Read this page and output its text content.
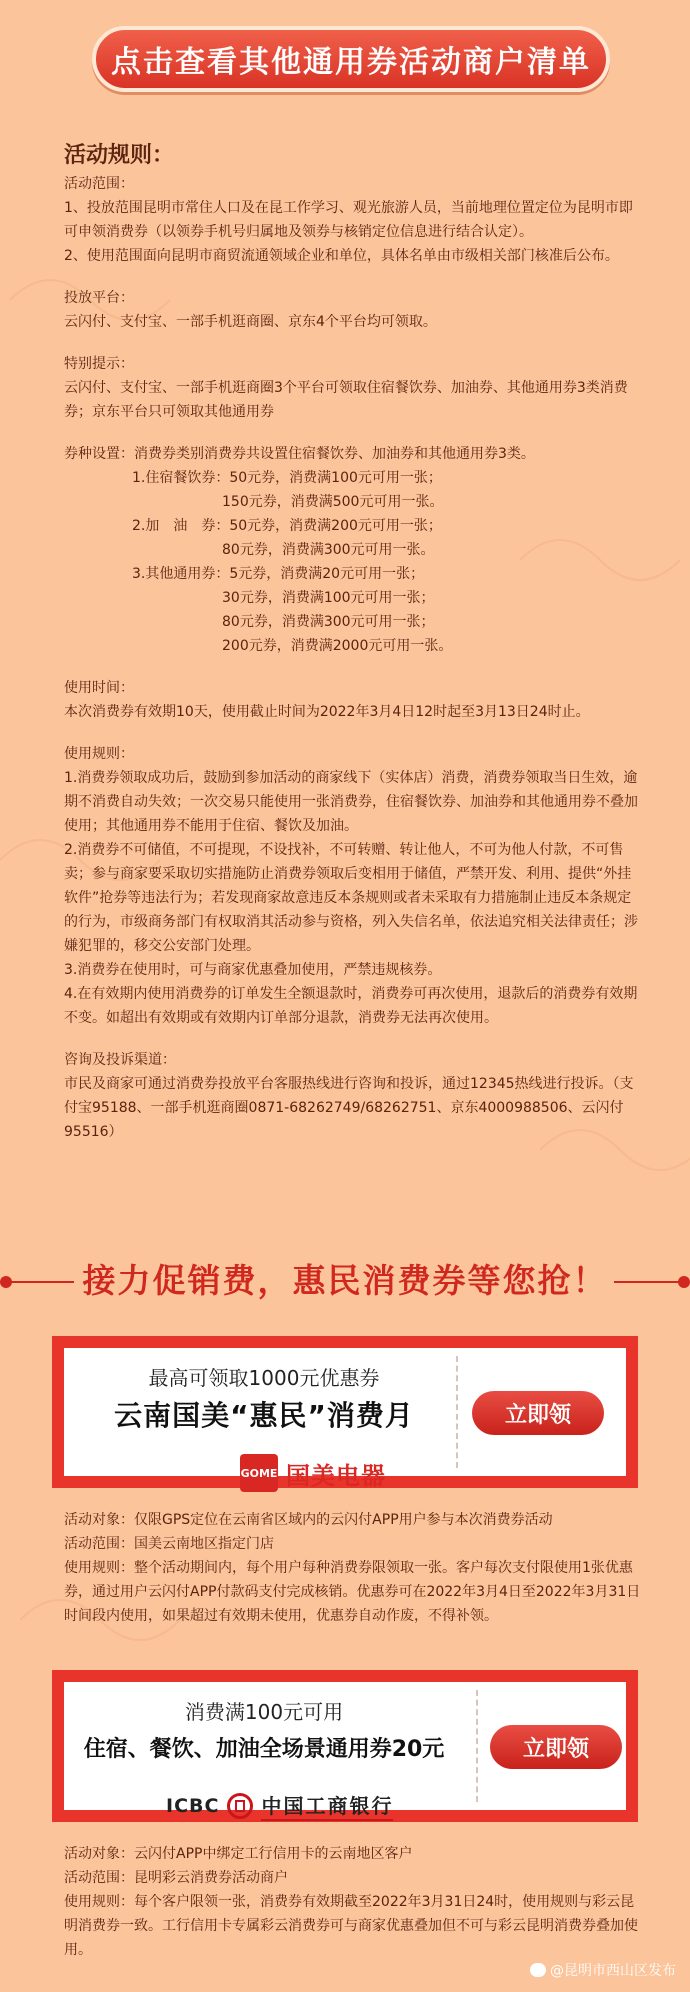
点击查看其他通用券活动商户清单
活动规则：
活动范围：
1、投放范围昆明市常住人口及在昆工作学习、观光旅游人员，当前地理位置定位为昆明市即可申领消费券（以领券手机号归属地及领券与核销定位信息进行结合认定）。
2、使用范围面向昆明市商贸流通领域企业和单位，具体名单由市级相关部门核准后公布。
投放平台：
云闪付、支付宝、一部手机逛商圈、京东4个平台均可领取。
特别提示：
云闪付、支付宝、一部手机逛商圈3个平台可领取住宿餐饮券、加油券、其他通用券3类消费券；京东平台只可领取其他通用券
券种设置：消费券类别消费券共设置住宿餐饮券、加油券和其他通用券3类。
1.住宿餐饮券：50元券，消费满100元可用一张；
150元券，消费满500元可用一张。
2.加　油　券：50元券，消费满200元可用一张；
80元券，消费满300元可用一张。
3.其他通用券：5元券，消费满20元可用一张；
30元券，消费满100元可用一张；
80元券，消费满300元可用一张；
200元券，消费满2000元可用一张。
使用时间：
本次消费券有效期10天，使用截止时间为2022年3月4日12时起至3月13日24时止。
使用规则：
1.消费券领取成功后，鼓励到参加活动的商家线下（实体店）消费，消费券领取当日生效，逾期不消费自动失效；一次交易只能使用一张消费券，住宿餐饮券、加油券和其他通用券不叠加使用；其他通用券不能用于住宿、餐饮及加油。
2.消费券不可储值，不可提现，不设找补，不可转赠、转让他人，不可为他人付款，不可售卖；参与商家要采取切实措施防止消费券领取后变相用于储值，严禁开发、利用、提供“外挂软件”抢券等违法行为；若发现商家故意违反本条规则或者未采取有力措施制止违反本条规定的行为，市级商务部门有权取消其活动参与资格，列入失信名单，依法追究相关法律责任；涉嫌犯罪的，移交公安部门处理。
3.消费券在使用时，可与商家优惠叠加使用，严禁违规核券。
4.在有效期内使用消费券的订单发生全额退款时，消费券可再次使用，退款后的消费券有效期不变。如超出有效期或有效期内订单部分退款，消费券无法再次使用。
咨询及投诉渠道：
市民及商家可通过消费券投放平台客服热线进行咨询和投诉，通过12345热线进行投诉。（支付宝95188、一部手机逛商圈0871-68262749/68262751、京东4000988506、云闪付95516）
接力促销费，惠民消费券等您抢！
最高可领取1000元优惠券
云南国美“惠民”消费月
GOME 国美电器
立即领
活动对象：仅限GPS定位在云南省区域内的云闪付APP用户参与本次消费券活动
活动范围：国美云南地区指定门店
使用规则：整个活动期间内，每个用户每种消费券限领取一张。客户每次支付限使用1张优惠券，通过用户云闪付APP付款码支付完成核销。优惠券可在2022年3月4日至2022年3月31日时间段内使用，如果超过有效期未使用，优惠券自动作废，不得补领。
消费满100元可用
住宿、餐饮、加油全场景通用券20元
ICBC 中国工商银行
立即领
活动对象：云闪付APP中绑定工行信用卡的云南地区客户
活动范围：昆明彩云消费券活动商户
使用规则：每个客户限领一张，消费券有效期截至2022年3月31日24时，使用规则与彩云昆明消费券一致。工行信用卡专属彩云消费券可与商家优惠叠加但不可与彩云昆明消费券叠加使用。
@昆明市西山区发布
